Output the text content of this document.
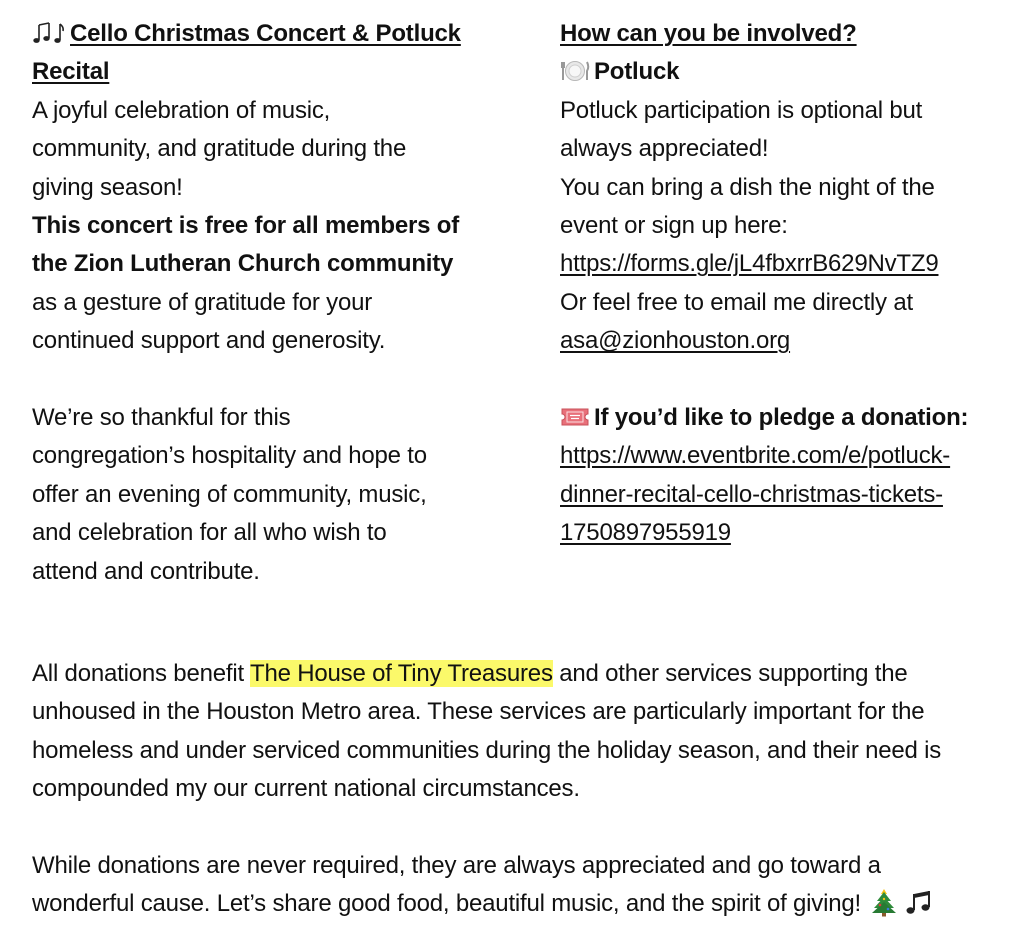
Cello Christmas Concert & Potluck
Recital
A joyful celebration of music,
community, and gratitude during the
giving season!
This concert is free for all members of
the Zion Lutheran Church community
as a gesture of gratitude for your
continued support and generosity.
We’re so thankful for this
congregation’s hospitality and hope to
offer an evening of community, music,
and celebration for all who wish to
attend and contribute.
How can you be involved?
Potluck
Potluck participation is optional but
always appreciated!
You can bring a dish the night of the
event or sign up here:
https://forms.gle/jL4fbxrrB629NvTZ9
Or feel free to email me directly at
asa@zionhouston.org
If you’d like to pledge a donation:
https://www.eventbrite.com/e/potluck-
dinner-recital-cello-christmas-tickets-
1750897955919
All donations benefit The House of Tiny Treasures and other services supporting the
unhoused in the Houston Metro area. These services are particularly important for the
homeless and under serviced communities during the holiday season, and their need is
compounded my our current national circumstances.
While donations are never required, they are always appreciated and go toward a
wonderful cause. Let’s share good food, beautiful music, and the spirit of giving!
